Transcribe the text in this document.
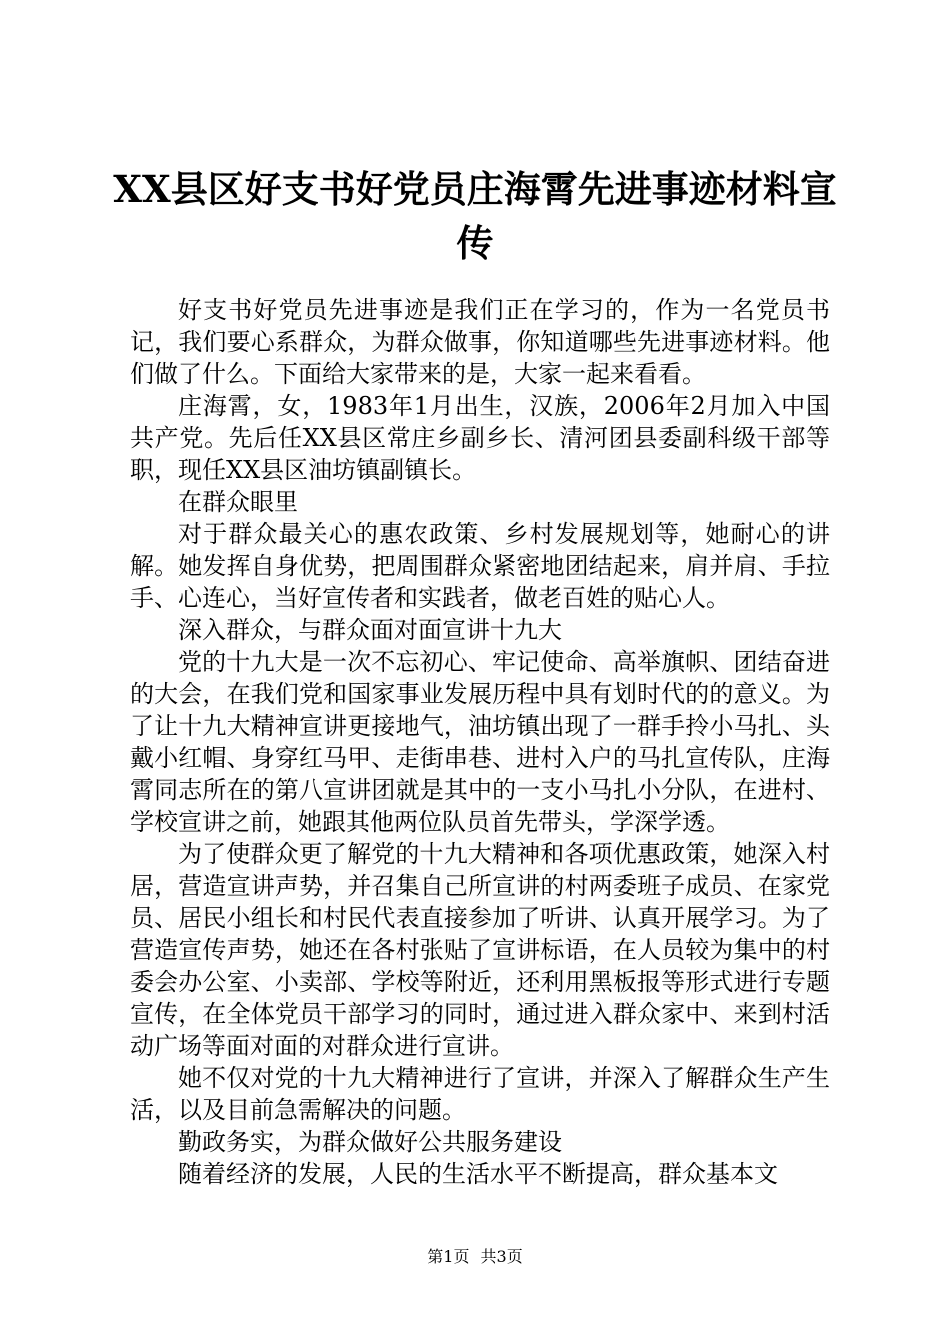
XX县区好支书好党员庄海霄先进事迹材料宣传

好支书好党员先进事迹是我们正在学习的，作为一名党员书记，我们要心系群众，为群众做事，你知道哪些先进事迹材料。他们做了什么。下面给大家带来的是，大家一起来看看。

庄海霄，女，1983年1月出生，汉族，2006年2月加入中国共产党。先后任XX县区常庄乡副乡长、清河团县委副科级干部等职，现任XX县区油坊镇副镇长。

在群众眼里

对于群众最关心的惠农政策、乡村发展规划等，她耐心的讲解。她发挥自身优势，把周围群众紧密地团结起来，肩并肩、手拉手、心连心，当好宣传者和实践者，做老百姓的贴心人。

深入群众，与群众面对面宣讲十九大

党的十九大是一次不忘初心、牢记使命、高举旗帜、团结奋进的大会，在我们党和国家事业发展历程中具有划时代的的意义。为了让十九大精神宣讲更接地气，油坊镇出现了一群手拎小马扎、头戴小红帽、身穿红马甲、走街串巷、进村入户的马扎宣传队，庄海霄同志所在的第八宣讲团就是其中的一支小马扎小分队，在进村、学校宣讲之前，她跟其他两位队员首先带头，学深学透。

为了使群众更了解党的十九大精神和各项优惠政策，她深入村居，营造宣讲声势，并召集自己所宣讲的村两委班子成员、在家党员、居民小组长和村民代表直接参加了听讲、认真开展学习。为了营造宣传声势，她还在各村张贴了宣讲标语，在人员较为集中的村委会办公室、小卖部、学校等附近，还利用黑板报等形式进行专题宣传，在全体党员干部学习的同时，通过进入群众家中、来到村活动广场等面对面的对群众进行宣讲。

她不仅对党的十九大精神进行了宣讲，并深入了解群众生产生活，以及目前急需解决的问题。

勤政务实，为群众做好公共服务建设

随着经济的发展，人民的生活水平不断提高，群众基本文

第1页 共3页
